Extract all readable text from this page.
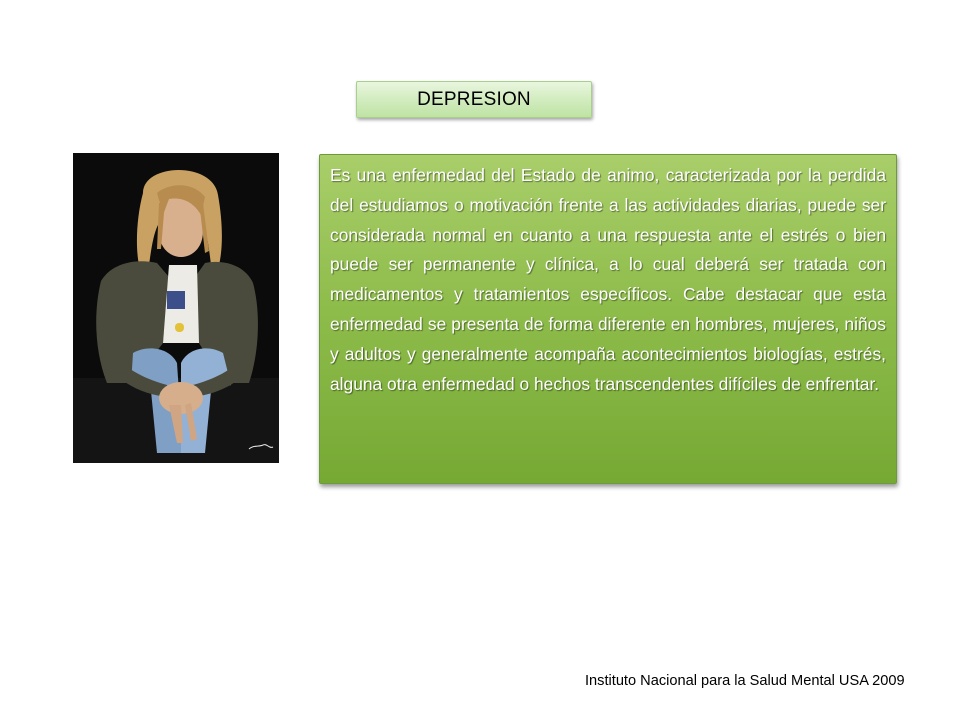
DEPRESION

Es una enfermedad del Estado de animo, caracterizada por la perdida del estudiamos o motivación frente a las actividades diarias, puede ser considerada normal en cuanto a una respuesta ante el estrés o bien puede ser permanente y clínica, a lo cual deberá ser tratada con medicamentos y tratamientos específicos. Cabe destacar que esta enfermedad se presenta de forma diferente en hombres, mujeres, niños y adultos y generalmente acompaña acontecimientos biologías, estrés, alguna otra enfermedad o hechos transcendentes difíciles de enfrentar.

Instituto Nacional para la Salud Mental USA 2009
